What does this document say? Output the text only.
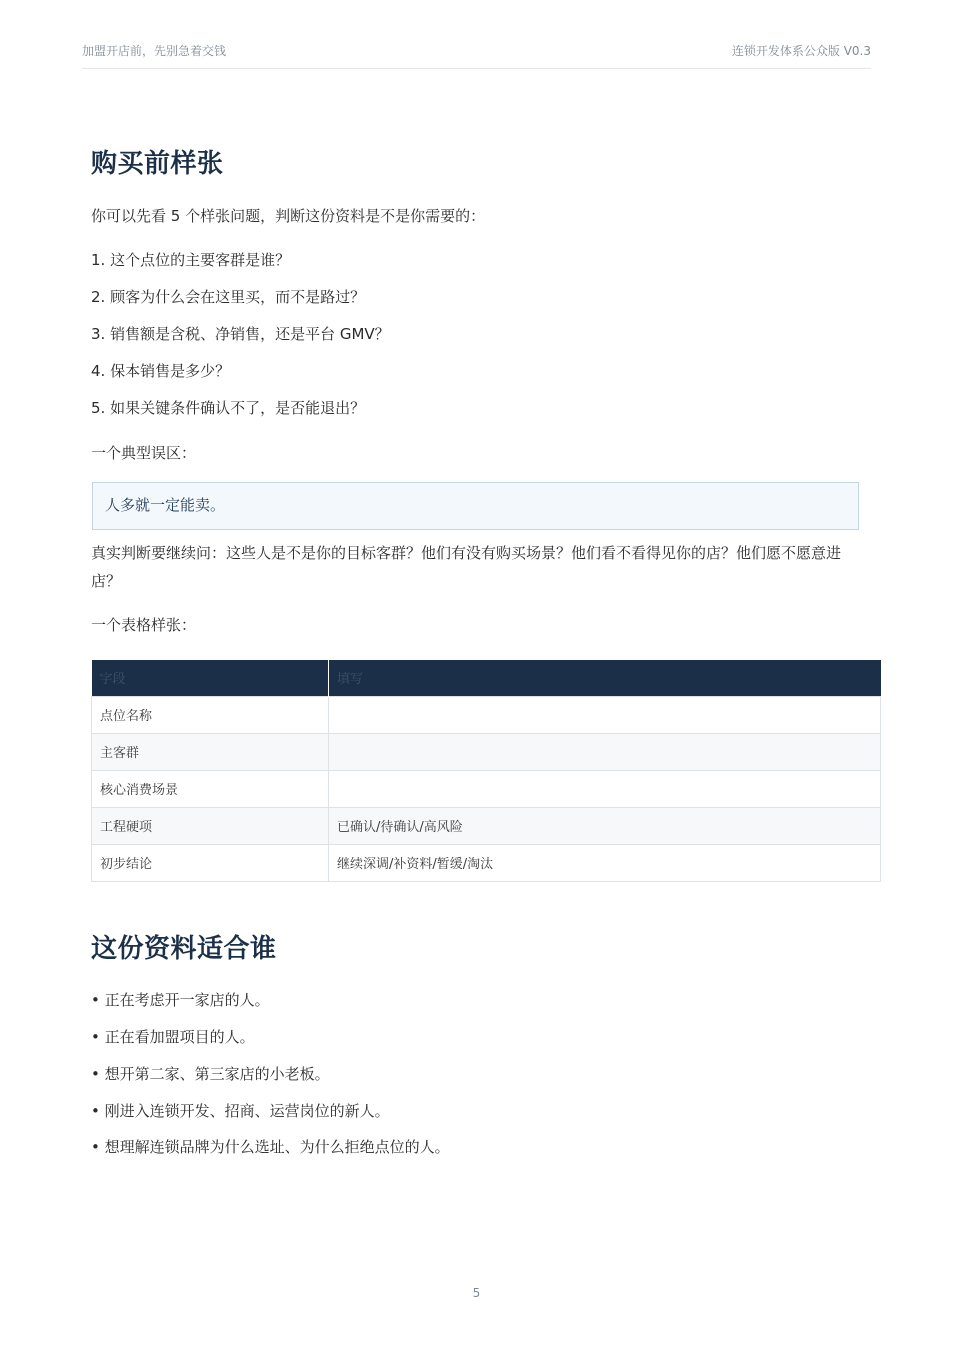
加盟开店前，先别急着交钱	连锁开发体系公众版 V0.3
购买前样张
你可以先看 5 个样张问题，判断这份资料是不是你需要的：
1. 这个点位的主要客群是谁？
2. 顾客为什么会在这里买，而不是路过？
3. 销售额是含税、净销售，还是平台 GMV？
4. 保本销售是多少？
5. 如果关键条件确认不了，是否能退出？
一个典型误区：
人多就一定能卖。
真实判断要继续问：这些人是不是你的目标客群？他们有没有购买场景？他们看不看得见你的店？他们愿不愿意进店？
一个表格样张：
字段	填写
点位名称	
主客群	
核心消费场景	
工程硬项	已确认/待确认/高风险
初步结论	继续深调/补资料/暂缓/淘汰
这份资料适合谁
• 正在考虑开一家店的人。
• 正在看加盟项目的人。
• 想开第二家、第三家店的小老板。
• 刚进入连锁开发、招商、运营岗位的新人。
• 想理解连锁品牌为什么选址、为什么拒绝点位的人。
5
